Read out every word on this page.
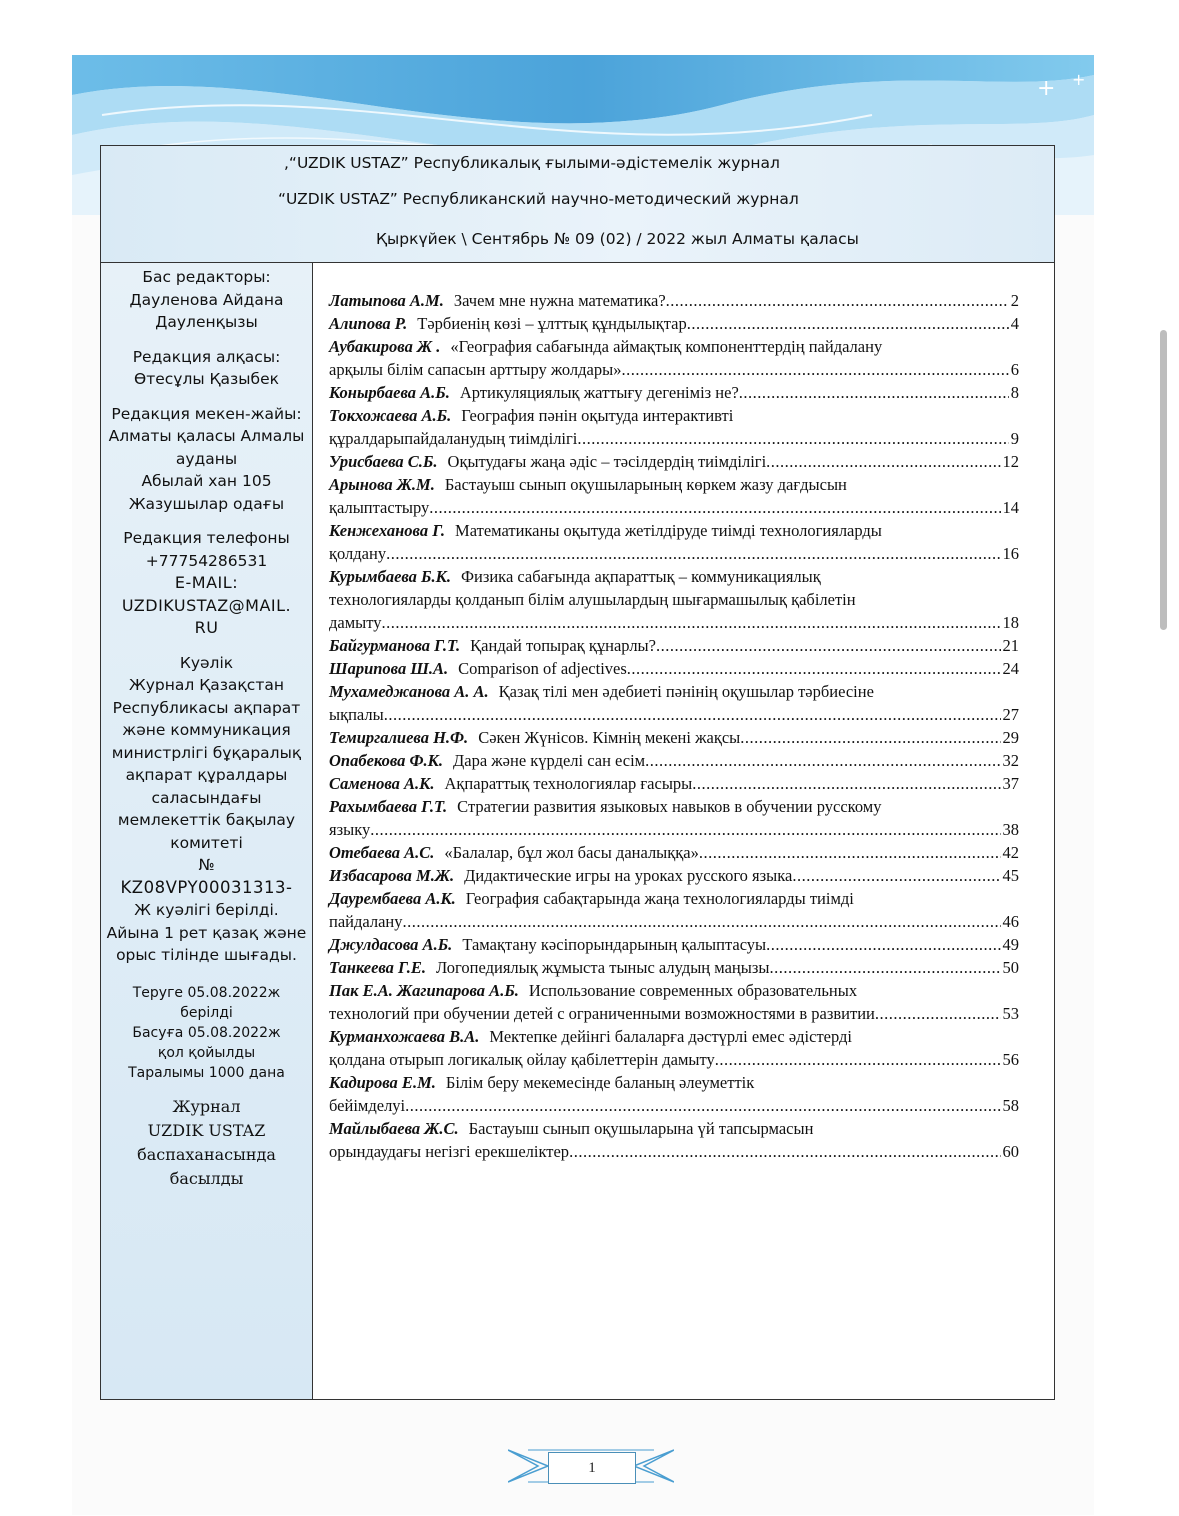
+ +
,“UZDIK USTAZ” Республикалық ғылыми-әдістемелік журнал
“UZDIK USTAZ” Республиканский научно-методический журнал
Қыркүйек \ Сентябрь № 09 (02) / 2022 жыл Алматы қаласы
Бас редакторы:
Дауленова Айдана
Дауленқызы
Редакция алқасы:
Өтесұлы Қазыбек
Редакция мекен-жайы:
Алматы қаласы Алмалы
ауданы
Абылай хан 105
Жазушылар одағы
Редакция телефоны
+77754286531
E-MAIL:
UZDIKUSTAZ@MAIL.
RU
Куәлік
Журнал Қазақстан
Республикасы ақпарат
және коммуникация
министрлігі бұқаралық
ақпарат құралдары
саласындағы
мемлекеттік бақылау
комитеті
№
KZ08VPY00031313-
Ж куәлігі берілді.
Айына 1 рет қазақ және
орыс тілінде шығады.
Теруге 05.08.2022ж
берілді
Басуға 05.08.2022ж
қол қойылды
Таралымы 1000 дана
Журнал
UZDIK USTAZ
баспаханасында
басылды
Латыпова А.М. Зачем мне нужна математика? .....	2
Алипова Р. Тәрбиенің көзі – ұлттық құндылықтар .....	4
Аубакирова Ж . «География сабағында аймақтық компоненттердің пайдалану
арқылы білім сапасын арттыру жолдары» .....	6
Конырбаева А.Б. Артикуляциялық жаттығу дегеніміз не? .....	8
Токхожаева А.Б. География пәнін оқытуда интерактивті
құралдарыпайдаланудың тиімділігі .....	9
Урисбаева С.Б. Оқытудағы жаңа әдіс – тәсілдердің тиімділігі .....	12
Арынова Ж.М. Бастауыш сынып оқушыларының көркем жазу дағдысын
қалыптастыру .....	14
Кенжеханова Г. Математиканы оқытуда жетілдіруде тиімді технологияларды
қолдану .....	16
Курымбаева Б.К. Физика сабағында ақпараттық – коммуникациялық
технологияларды қолданып білім алушылардың шығармашылық қабілетін
дамыту .....	18
Байгурманова Г.Т. Қандай топырақ құнарлы? .....	21
Шарипова Ш.А. Comparison of adjectives .....	24
Мухамеджанова А. А. Қазақ тілі мен әдебиеті пәнінің оқушылар тәрбиесіне
ықпалы .....	27
Темиргалиева Н.Ф. Сәкен Жүнісов. Кімнің мекені жақсы .....	29
Опабекова Ф.К. Дара және күрделі сан есім .....	32
Саменова А.К. Ақпараттық технологиялар ғасыры .....	37
Рахымбаева Г.Т. Стратегии развития языковых навыков в обучении русскому
языку .....	38
Отебаева А.С. «Балалар, бұл жол басы даналыққа» .....	42
Избасарова М.Ж. Дидактические игры на уроках русского языка .....	45
Даурембаева А.К. География сабақтарында жаңа технологияларды тиімді
пайдалану .....	46
Джулдасова А.Б. Тамақтану кәсіпорындарының қалыптасуы .....	49
Танкеева Г.Е. Логопедиялық жұмыста тыныс алудың маңызы .....	50
Пак Е.А. Жагипарова А.Б. Использование современных образовательных
технологий при обучении детей с ограниченными возможностями в развитии .....	53
Курманхожаева В.А. Мектепке дейінгі балаларға дәстүрлі емес әдістерді
қолдана отырып логикалық ойлау қабілеттерін дамыту .....	56
Кадирова Е.М. Білім беру мекемесінде баланың әлеуметтік
бейімделуі .....	58
Майлыбаева Ж.С. Бастауыш сынып оқушыларына үй тапсырмасын
орындаудағы негізгі ерекшеліктер .....	60
1
